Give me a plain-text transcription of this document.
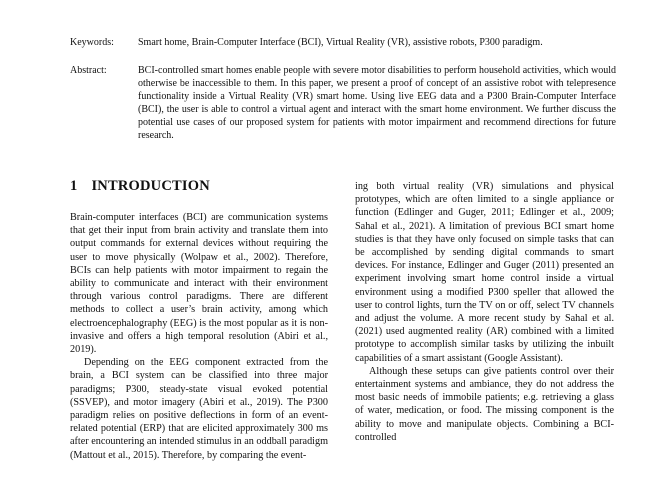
Keywords:	Smart home, Brain-Computer Interface (BCI), Virtual Reality (VR), assistive robots, P300 paradigm.
Abstract:	BCI-controlled smart homes enable people with severe motor disabilities to perform household activities, which would otherwise be inaccessible to them. In this paper, we present a proof of concept of an assistive robot with telepresence functionality inside a Virtual Reality (VR) smart home. Using live EEG data and a P300 Brain-Computer Interface (BCI), the user is able to control a virtual agent and interact with the smart home environment. We further discuss the potential use cases of our proposed system for patients with motor impairment and recommend directions for future research.
1 INTRODUCTION

Brain-computer interfaces (BCI) are communication systems that get their input from brain activity and translate them into output commands for external devices without requiring the user to move physically (Wolpaw et al., 2002). Therefore, BCIs can help patients with motor impairment to regain the ability to communicate and interact with their environment through various control paradigms. There are different methods to collect a user’s brain activity, among which electroencephalography (EEG) is the most popular as it is non-invasive and offers a high temporal resolution (Abiri et al., 2019).

Depending on the EEG component extracted from the brain, a BCI system can be classified into three major paradigms; P300, steady-state visual evoked potential (SSVEP), and motor imagery (Abiri et al., 2019). The P300 paradigm relies on positive deflections in form of an event-related potential (ERP) that are elicited approximately 300 ms after encountering an intended stimulus in an oddball paradigm (Mattout et al., 2015). Therefore, by comparing the event-

ing both virtual reality (VR) simulations and physical prototypes, which are often limited to a single appliance or function (Edlinger and Guger, 2011; Edlinger et al., 2009; Sahal et al., 2021). A limitation of previous BCI smart home studies is that they have only focused on simple tasks that can be accomplished by sending digital commands to smart devices. For instance, Edlinger and Guger (2011) presented an experiment involving smart home control inside a virtual environment using a modified P300 speller that allowed the user to control lights, turn the TV on or off, select TV channels and adjust the volume. A more recent study by Sahal et al. (2021) used augmented reality (AR) combined with a limited prototype to accomplish similar tasks by utilizing the inbuilt capabilities of a smart assistant (Google Assistant).

Although these setups can give patients control over their entertainment systems and ambiance, they do not address the most basic needs of immobile patients; e.g. retrieving a glass of water, medication, or food. The missing component is the ability to move and manipulate objects. Combining a BCI-controlled
